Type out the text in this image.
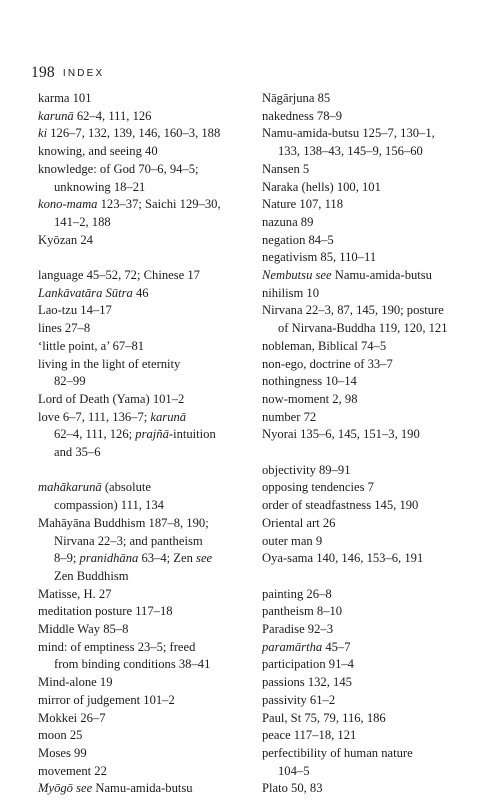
198 INDEX
karma 101
karunā 62–4, 111, 126
ki 126–7, 132, 139, 146, 160–3, 188
knowing, and seeing 40
knowledge: of God 70–6, 94–5;
unknowing 18–21
kono-mama 123–37; Saichi 129–30,
141–2, 188
Kyōzan 24
language 45–52, 72; Chinese 17
Lankāvatāra Sūtra 46
Lao-tzu 14–17
lines 27–8
‘little point, a’ 67–81
living in the light of eternity
82–99
Lord of Death (Yama) 101–2
love 6–7, 111, 136–7; karunā
62–4, 111, 126; prajñā-intuition
and 35–6
mahākarunā (absolute
compassion) 111, 134
Mahāyāna Buddhism 187–8, 190;
Nirvana 22–3; and pantheism
8–9; pranidhāna 63–4; Zen see
Zen Buddhism
Matisse, H. 27
meditation posture 117–18
Middle Way 85–8
mind: of emptiness 23–5; freed
from binding conditions 38–41
Mind-alone 19
mirror of judgement 101–2
Mokkei 26–7
moon 25
Moses 99
movement 22
Myōgō see Namu-amida-butsu
Nāgārjuna 85
nakedness 78–9
Namu-amida-butsu 125–7, 130–1,
133, 138–43, 145–9, 156–60
Nansen 5
Naraka (hells) 100, 101
Nature 107, 118
nazuna 89
negation 84–5
negativism 85, 110–11
Nembutsu see Namu-amida-butsu
nihilism 10
Nirvana 22–3, 87, 145, 190; posture
of Nirvana-Buddha 119, 120, 121
nobleman, Biblical 74–5
non-ego, doctrine of 33–7
nothingness 10–14
now-moment 2, 98
number 72
Nyorai 135–6, 145, 151–3, 190
objectivity 89–91
opposing tendencies 7
order of steadfastness 145, 190
Oriental art 26
outer man 9
Oya-sama 140, 146, 153–6, 191
painting 26–8
pantheism 8–10
Paradise 92–3
paramārtha 45–7
participation 91–4
passions 132, 145
passivity 61–2
Paul, St 75, 79, 116, 186
peace 117–18, 121
perfectibility of human nature
104–5
Plato 50, 83
